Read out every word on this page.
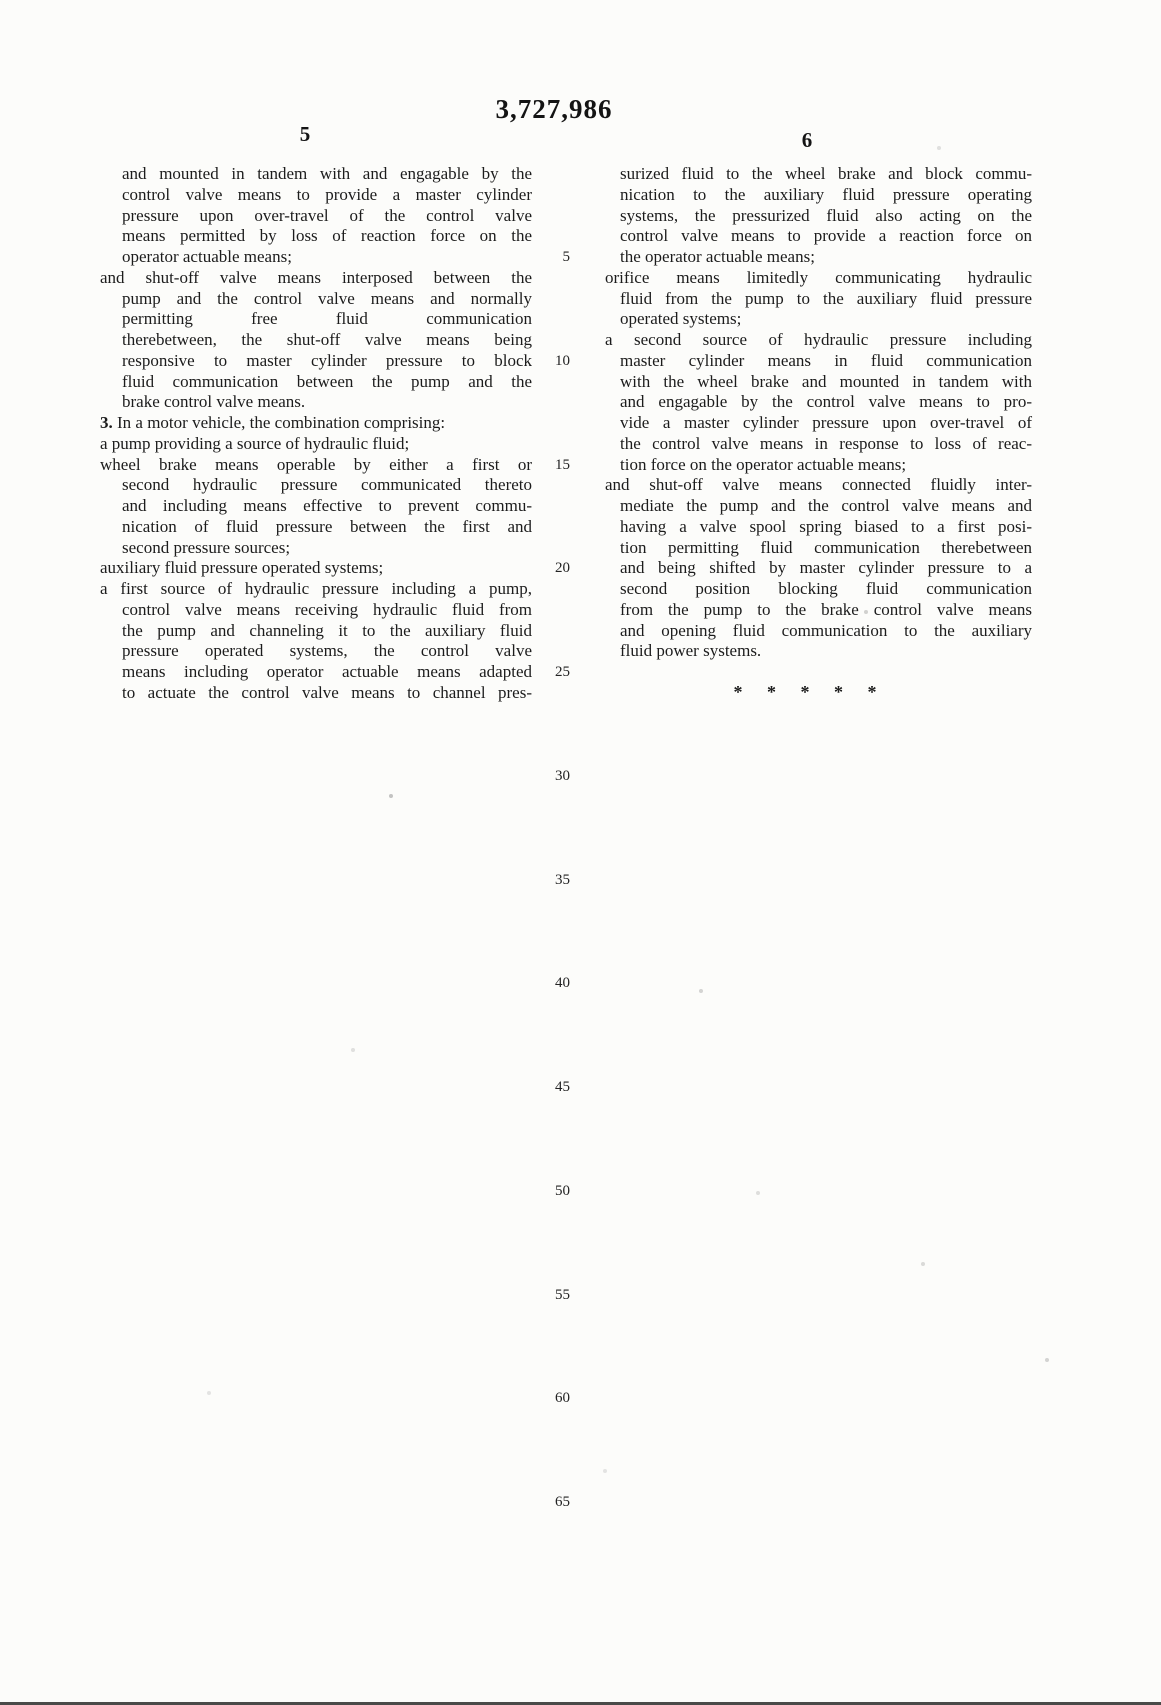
3,727,986
5	6
5
10
15
20
25
30
35
40
45
50
55
60
65
and mounted in tandem with and engagable by the
control valve means to provide a master cylinder
pressure upon over-travel of the control valve
means permitted by loss of reaction force on the
operator actuable means;
and shut-off valve means interposed between the
pump and the control valve means and normally
permitting free fluid communication
therebetween, the shut-off valve means being
responsive to master cylinder pressure to block
fluid communication between the pump and the
brake control valve means.
3. In a motor vehicle, the combination comprising:
a pump providing a source of hydraulic fluid;
wheel brake means operable by either a first or
second hydraulic pressure communicated thereto
and including means effective to prevent commu-
nication of fluid pressure between the first and
second pressure sources;
auxiliary fluid pressure operated systems;
a first source of hydraulic pressure including a pump,
control valve means receiving hydraulic fluid from
the pump and channeling it to the auxiliary fluid
pressure operated systems, the control valve
means including operator actuable means adapted
to actuate the control valve means to channel pres-
surized fluid to the wheel brake and block commu-
nication to the auxiliary fluid pressure operating
systems, the pressurized fluid also acting on the
control valve means to provide a reaction force on
the operator actuable means;
orifice means limitedly communicating hydraulic
fluid from the pump to the auxiliary fluid pressure
operated systems;
a second source of hydraulic pressure including
master cylinder means in fluid communication
with the wheel brake and mounted in tandem with
and engagable by the control valve means to pro-
vide a master cylinder pressure upon over-travel of
the control valve means in response to loss of reac-
tion force on the operator actuable means;
and shut-off valve means connected fluidly inter-
mediate the pump and the control valve means and
having a valve spool spring biased to a first posi-
tion permitting fluid communication therebetween
and being shifted by master cylinder pressure to a
second position blocking fluid communication
from the pump to the brake control valve means
and opening fluid communication to the auxiliary
fluid power systems.
* * * * *
